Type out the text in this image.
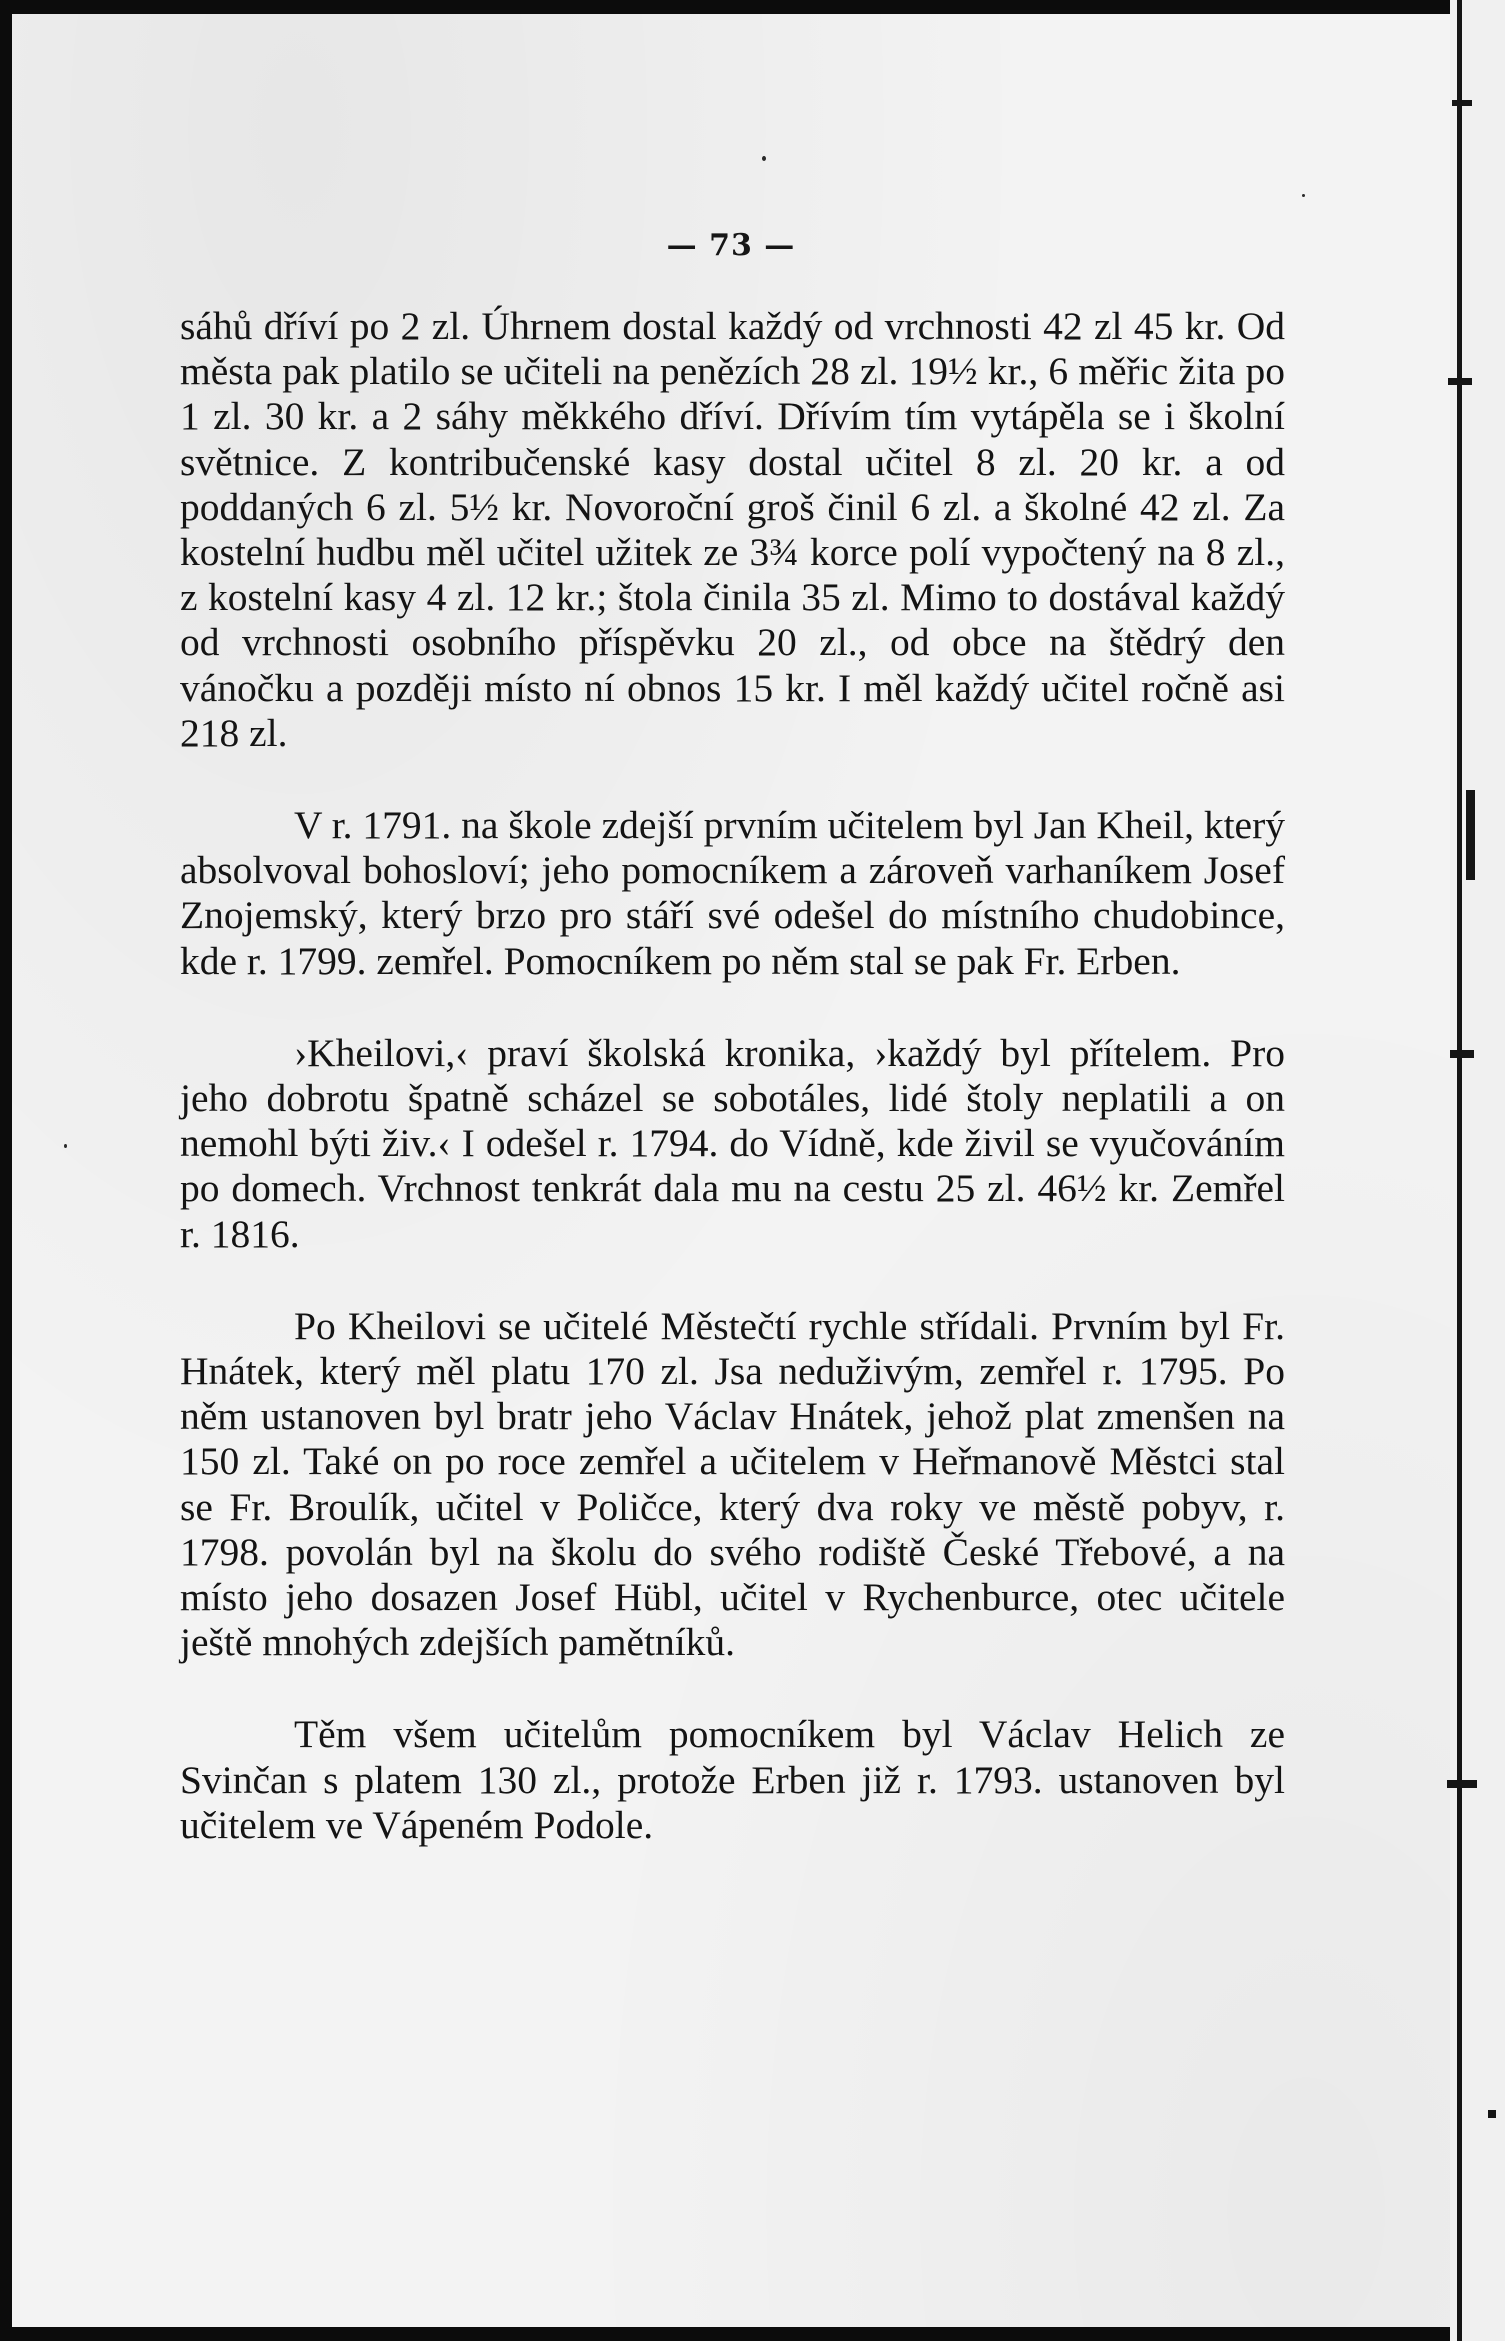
— 73 —

sáhů dříví po 2 zl. Úhrnem dostal každý od vrchnosti 42 zl 45 kr. Od města pak platilo se učiteli na penězích 28 zl. 19½ kr., 6 měřic žita po 1 zl. 30 kr. a 2 sáhy měkkého dříví. Dřívím tím vytápěla se i školní světnice. Z kontribučenské kasy dostal učitel 8 zl. 20 kr. a od poddaných 6 zl. 5½ kr. Novoroční groš činil 6 zl. a školné 42 zl. Za kostelní hudbu měl učitel užitek ze 3¾ korce polí vypočtený na 8 zl., z kostelní kasy 4 zl. 12 kr.; štola činila 35 zl. Mimo to dostával každý od vrchnosti osobního příspěvku 20 zl., od obce na štědrý den vánočku a později místo ní obnos 15 kr. I měl každý učitel ročně asi 218 zl.

V r. 1791. na škole zdejší prvním učitelem byl Jan Kheil, který absolvoval bohosloví; jeho pomocníkem a zároveň varhaníkem Josef Znojemský, který brzo pro stáří své odešel do místního chudobince, kde r. 1799. zemřel. Pomocníkem po něm stal se pak Fr. Erben.

›Kheilovi,‹ praví školská kronika, ›každý byl přítelem. Pro jeho dobrotu špatně scházel se sobotáles, lidé štoly neplatili a on nemohl býti živ.‹ I odešel r. 1794. do Vídně, kde živil se vyučováním po domech. Vrchnost tenkrát dala mu na cestu 25 zl. 46½ kr. Zemřel r. 1816.

Po Kheilovi se učitelé Městečtí rychle střídali. Prvním byl Fr. Hnátek, který měl platu 170 zl. Jsa neduživým, zemřel r. 1795. Po něm ustanoven byl bratr jeho Václav Hnátek, jehož plat zmenšen na 150 zl. Také on po roce zemřel a učitelem v Heřmanově Městci stal se Fr. Broulík, učitel v Poličce, který dva roky ve městě pobyv, r. 1798. povolán byl na školu do svého rodiště České Třebové, a na místo jeho dosazen Josef Hübl, učitel v Rychenburce, otec učitele ještě mnohých zdejších pamětníků.

Těm všem učitelům pomocníkem byl Václav Helich ze Svinčan s platem 130 zl., protože Erben již r. 1793. ustanoven byl učitelem ve Vápeném Podole.
